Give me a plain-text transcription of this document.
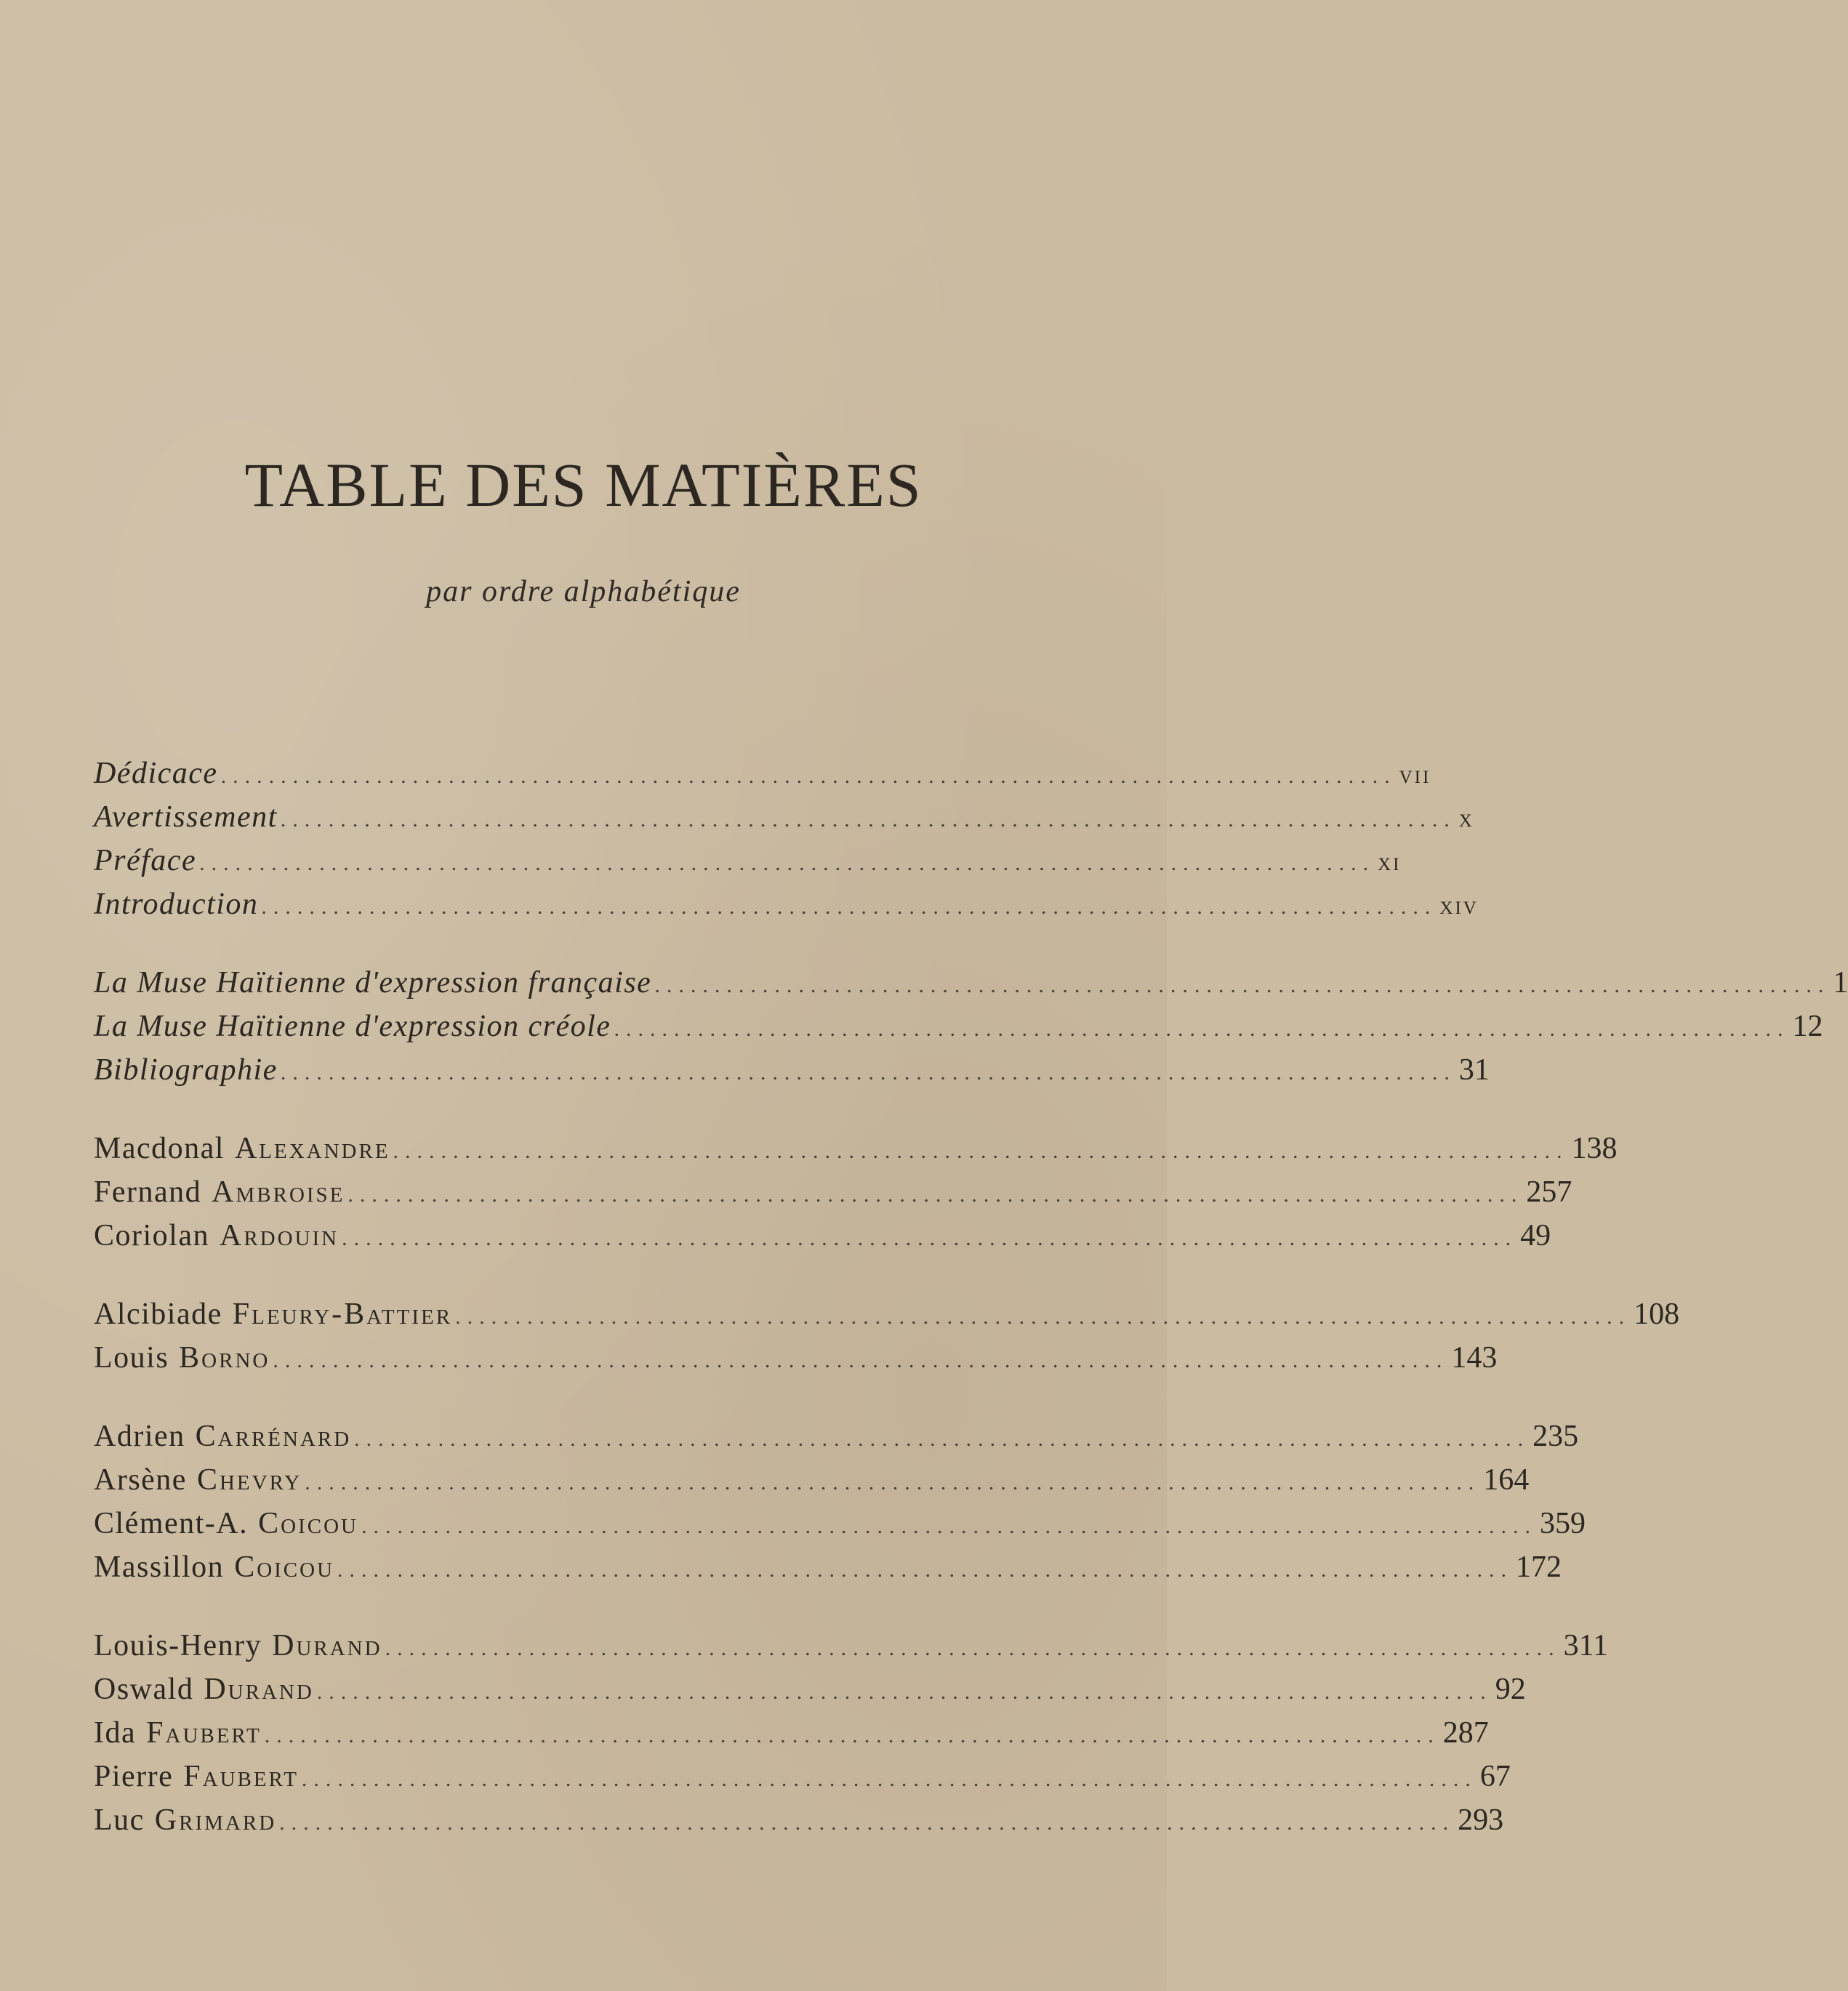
TABLE DES MATIÈRES
par ordre alphabétique
Dédicace .................................................................................................. vii
Avertissement .................................................................................................. x
Préface .................................................................................................. xi
Introduction .................................................................................................. xiv
La Muse Haïtienne d'expression française .................................................................................................. 1
La Muse Haïtienne d'expression créole .................................................................................................. 12
Bibliographie .................................................................................................. 31
Macdonal Alexandre .................................................................................................. 138
Fernand Ambroise .................................................................................................. 257
Coriolan Ardouin .................................................................................................. 49
Alcibiade Fleury-Battier .................................................................................................. 108
Louis Borno .................................................................................................. 143
Adrien Carrénard .................................................................................................. 235
Arsène Chevry .................................................................................................. 164
Clément-A. Coicou .................................................................................................. 359
Massillon Coicou .................................................................................................. 172
Louis-Henry Durand .................................................................................................. 311
Oswald Durand .................................................................................................. 92
Ida Faubert .................................................................................................. 287
Pierre Faubert .................................................................................................. 67
Luc Grimard .................................................................................................. 293
